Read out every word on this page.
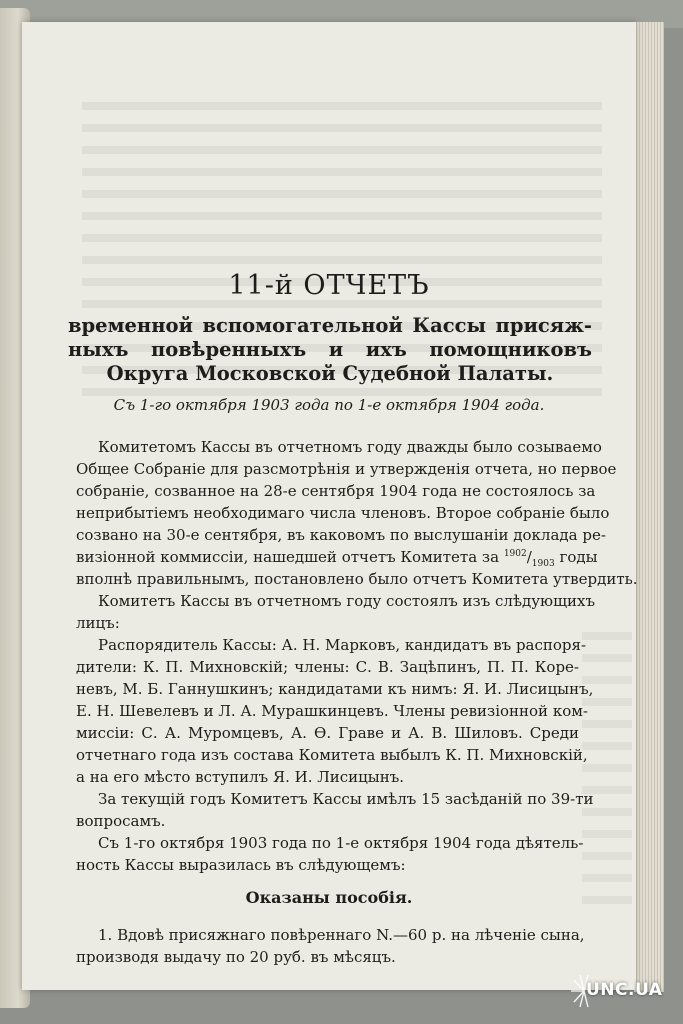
11-й ОТЧЕТЪ
временной вспомогательной Кассы присяж-
ныхъ повѣренныхъ и ихъ помощниковъ
Округа Московской Судебной Палаты.
Съ 1-го октября 1903 года по 1-е октября 1904 года.
Комитетомъ Кассы въ отчетномъ году дважды было созываемо
Общее Собранiе для разсмотрѣнiя и утвержденiя отчета, но первое
собранiе, созванное на 28-е сентября 1904 года не состоялось за
неприбытiемъ необходимаго числа членовъ. Второе собранiе было
созвано на 30-е сентября, въ каковомъ по выслушанiи доклада ре-
визiонной коммиссiи, нашедшей отчетъ Комитета за $^{1902}/_{1903}$ годы
вполнѣ правильнымъ, постановлено было отчетъ Комитета утвердить.
Комитетъ Кассы въ отчетномъ году состоялъ изъ слѣдующихъ
лицъ:
Распорядитель Кассы: А. Н. Марковъ, кандидатъ въ распоря-
дители: К. П. Михновскiй; члены: С. В. Зацѣпинъ, П. П. Коре-
невъ, М. Б. Ганнушкинъ; кандидатами къ нимъ: Я. И. Лисицынъ,
Е. Н. Шевелевъ и Л. А. Мурашкинцевъ. Члены ревизiонной ком-
миссiи: С. А. Муромцевъ, А. Ѳ. Граве и А. В. Шиловъ. Среди
отчетнаго года изъ состава Комитета выбылъ К. П. Михновскiй,
а на его мѣсто вступилъ Я. И. Лисицынъ.
За текущiй годъ Комитетъ Кассы имѣлъ 15 засѣданiй по 39-ти
вопросамъ.
Съ 1-го октября 1903 года по 1-е октября 1904 года дѣятель-
ность Кассы выразилась въ слѣдующемъ:
Оказаны пособiя.
1. Вдовѣ присяжнаго повѣреннаго N.—60 р. на лѣченiе сына,
производя выдачу по 20 руб. въ мѣсяцъ.
UNC.UA
